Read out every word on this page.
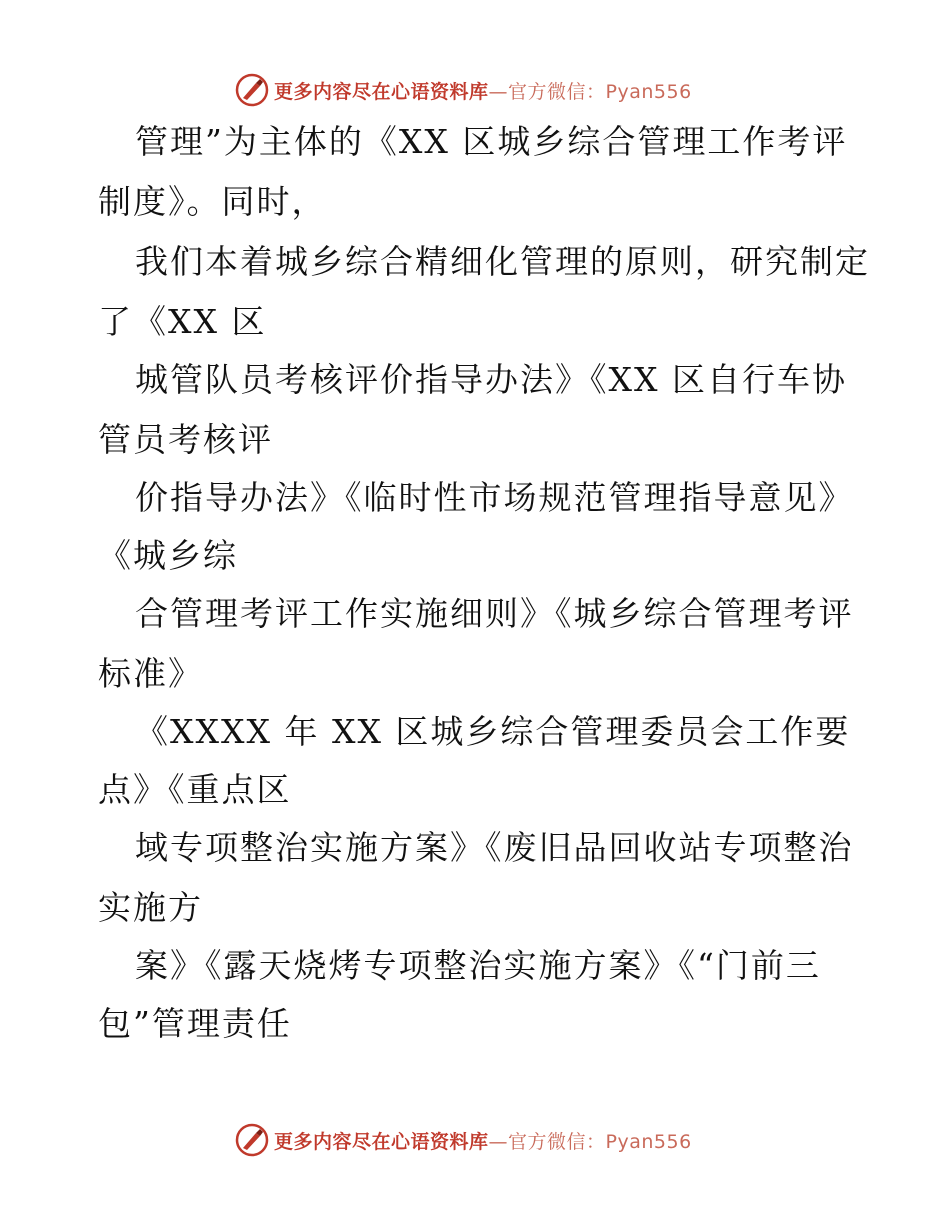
更多内容尽在心语资料库—官方微信：Pyan556
管理”为主体的《XX 区城乡综合管理工作考评
制度》。同时，
我们本着城乡综合精细化管理的原则，研究制定
了《XX 区
城管队员考核评价指导办法》《XX 区自行车协
管员考核评
价指导办法》《临时性市场规范管理指导意见》
《城乡综
合管理考评工作实施细则》《城乡综合管理考评
标准》
《XXXX 年 XX 区城乡综合管理委员会工作要
点》《重点区
域专项整治实施方案》《废旧品回收站专项整治
实施方
案》《露天烧烤专项整治实施方案》《“门前三
包”管理责任
更多内容尽在心语资料库—官方微信：Pyan556
